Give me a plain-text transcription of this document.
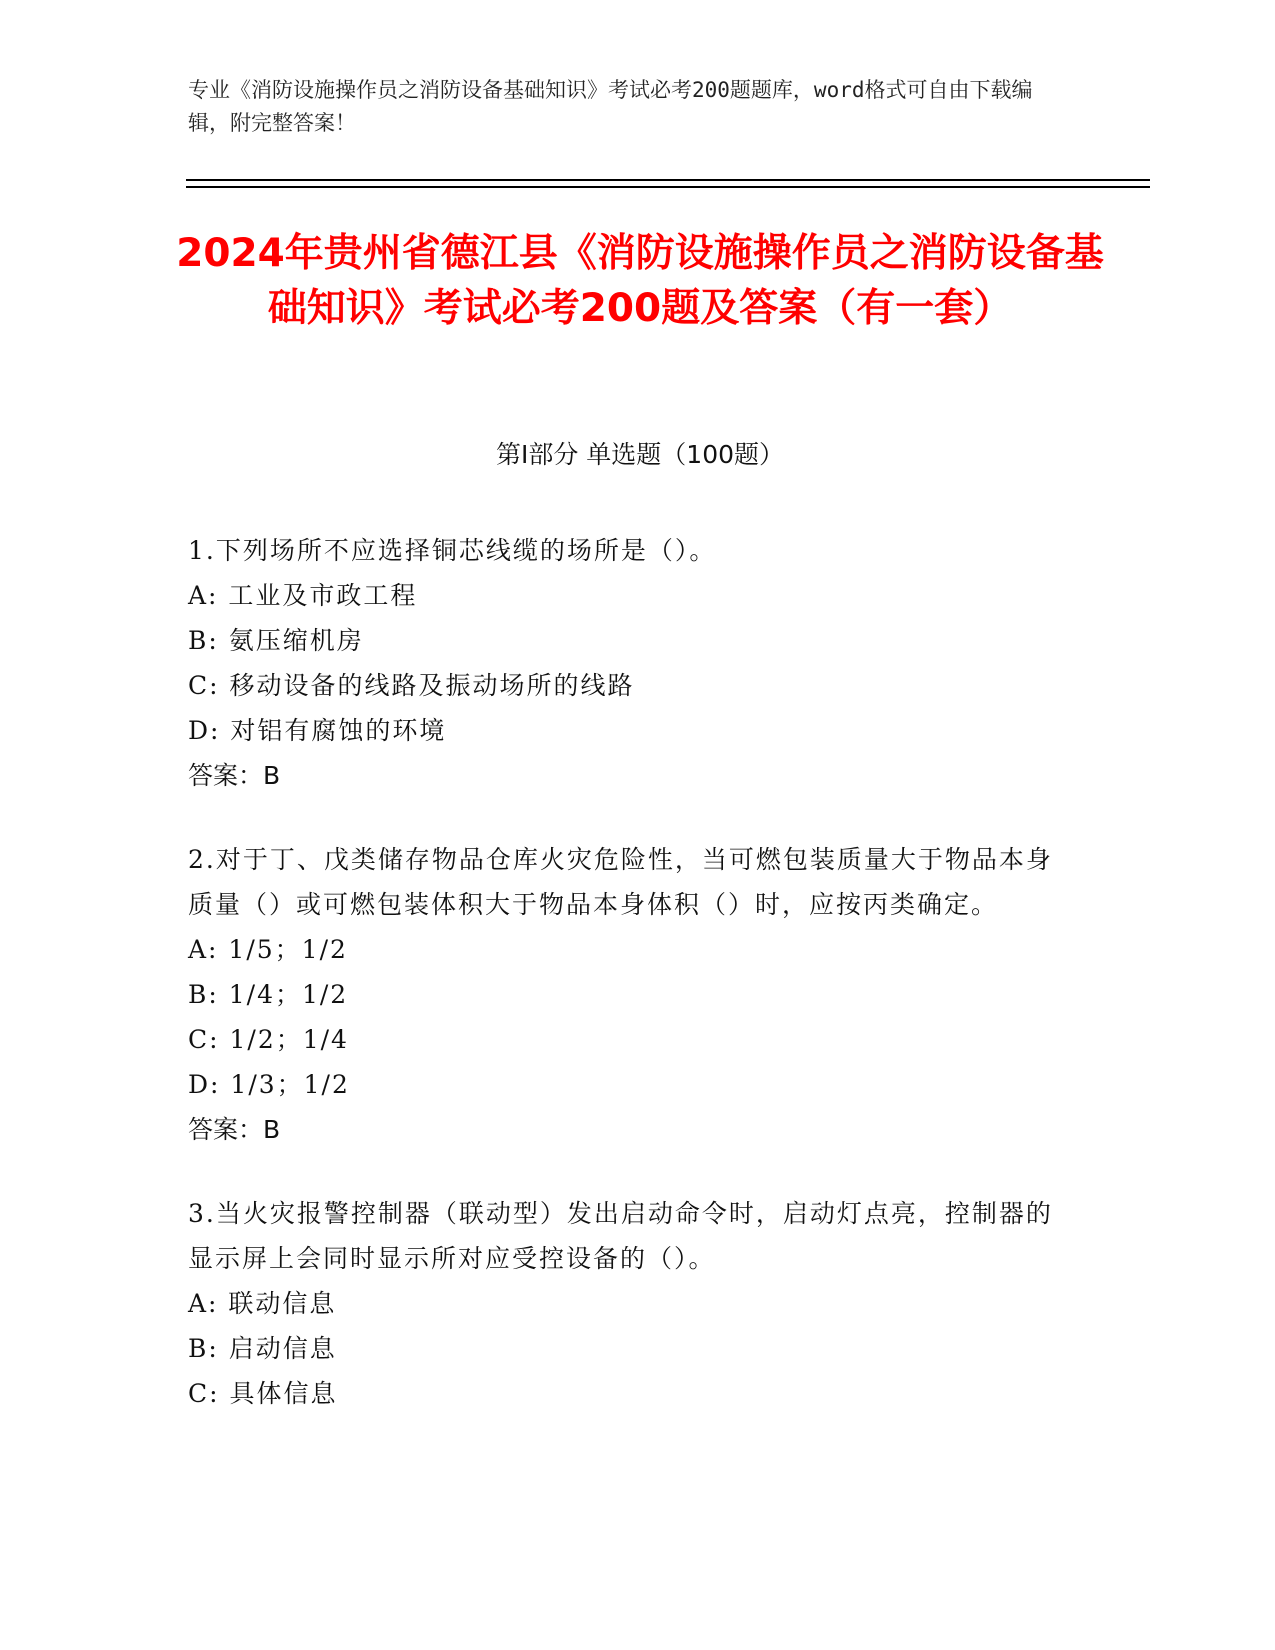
专业《消防设施操作员之消防设备基础知识》考试必考200题题库，word格式可自由下载编辑，附完整答案！
2024年贵州省德江县《消防设施操作员之消防设备基础知识》考试必考200题及答案（有一套）
第Ⅰ部分 单选题（100题）
1.下列场所不应选择铜芯线缆的场所是（）。
A: 工业及市政工程
B: 氨压缩机房
C: 移动设备的线路及振动场所的线路
D: 对铝有腐蚀的环境
答案：B
2.对于丁、戊类储存物品仓库火灾危险性，当可燃包装质量大于物品本身质量（）或可燃包装体积大于物品本身体积（）时，应按丙类确定。
A: 1/5；1/2
B: 1/4；1/2
C: 1/2；1/4
D: 1/3；1/2
答案：B
3.当火灾报警控制器（联动型）发出启动命令时，启动灯点亮，控制器的显示屏上会同时显示所对应受控设备的（）。
A: 联动信息
B: 启动信息
C: 具体信息
